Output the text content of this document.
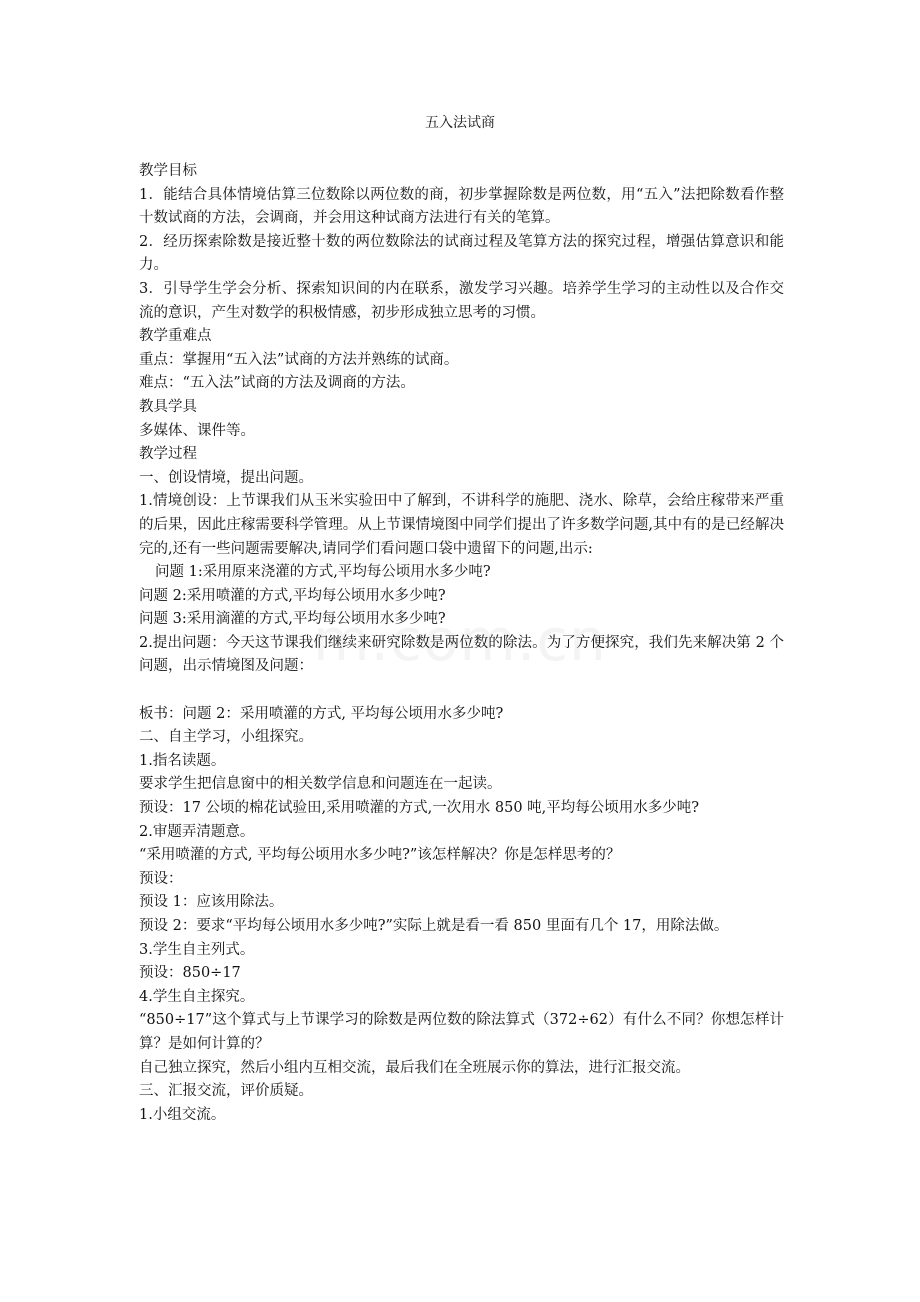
五入法试商

教学目标

1．能结合具体情境估算三位数除以两位数的商，初步掌握除数是两位数，用“五入”法把除数看作整十数试商的方法，会调商，并会用这种试商方法进行有关的笔算。

2．经历探索除数是接近整十数的两位数除法的试商过程及笔算方法的探究过程，增强估算意识和能力。

3．引导学生学会分析、探索知识间的内在联系，激发学习兴趣。培养学生学习的主动性以及合作交流的意识，产生对数学的积极情感，初步形成独立思考的习惯。

教学重难点

重点：掌握用“五入法”试商的方法并熟练的试商。

难点：“五入法”试商的方法及调商的方法。

教具学具

多媒体、课件等。

教学过程

一、创设情境，提出问题。

1.情境创设：上节课我们从玉米实验田中了解到，不讲科学的施肥、浇水、除草，会给庄稼带来严重的后果，因此庄稼需要科学管理。从上节课情境图中同学们提出了许多数学问题,其中有的是已经解决完的,还有一些问题需要解决,请同学们看问题口袋中遗留下的问题,出示:

问题 1:采用原来浇灌的方式,平均每公顷用水多少吨?

问题 2:采用喷灌的方式,平均每公顷用水多少吨?

问题 3:采用滴灌的方式,平均每公顷用水多少吨?

2.提出问题：今天这节课我们继续来研究除数是两位数的除法。为了方便探究，我们先来解决第 2 个问题，出示情境图及问题：

板书：问题 2：采用喷灌的方式, 平均每公顷用水多少吨?

二、自主学习，小组探究。

1.指名读题。

要求学生把信息窗中的相关数学信息和问题连在一起读。

预设：17 公顷的棉花试验田,采用喷灌的方式,一次用水 850 吨,平均每公顷用水多少吨?

2.审题弄清题意。

“采用喷灌的方式, 平均每公顷用水多少吨?”该怎样解决？你是怎样思考的？

预设：

预设 1：应该用除法。

预设 2：要求“平均每公顷用水多少吨?”实际上就是看一看 850 里面有几个 17，用除法做。

3.学生自主列式。

预设：850÷17

4.学生自主探究。

“850÷17”这个算式与上节课学习的除数是两位数的除法算式（372÷62）有什么不同？你想怎样计算？是如何计算的？

自己独立探究，然后小组内互相交流，最后我们在全班展示你的算法，进行汇报交流。

三、汇报交流，评价质疑。

1.小组交流。
